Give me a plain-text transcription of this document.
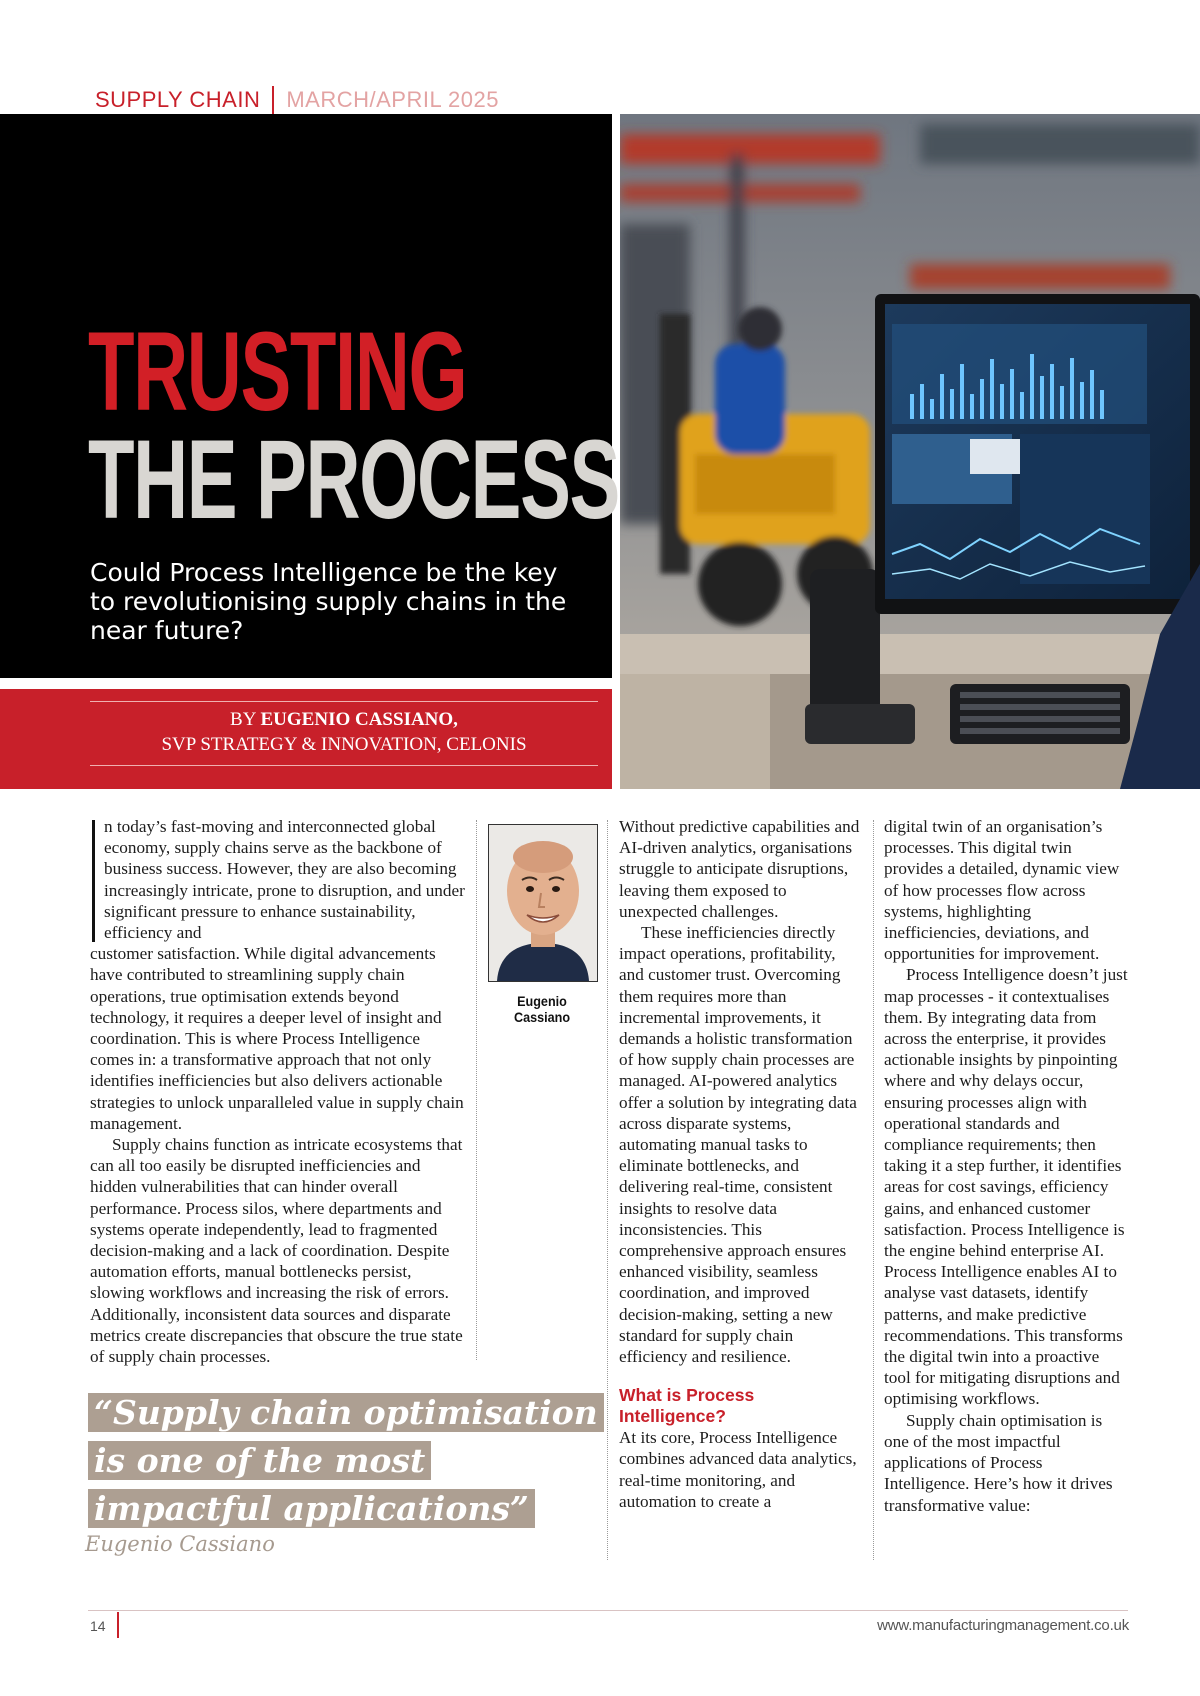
SUPPLY CHAIN MARCH/APRIL 2025
TRUSTING
THE PROCESS

Could Process Intelligence be the key to revolutionising supply chains in the near future?

BY EUGENIO CASSIANO,
SVP STRATEGY & INNOVATION, CELONIS

n today’s fast-moving and interconnected global economy, supply chains serve as the backbone of business success. However, they are also becoming increasingly intricate, prone to disruption, and under significant pressure to enhance sustainability, efficiency and
customer satisfaction. While digital advancements have contributed to streamlining supply chain operations, true optimisation extends beyond technology, it requires a deeper level of insight and coordination. This is where Process Intelligence comes in: a transformative approach that not only identifies inefficiencies but also delivers actionable strategies to unlock unparalleled value in supply chain management.

Supply chains function as intricate ecosystems that can all too easily be disrupted inefficiencies and hidden vulnerabilities that can hinder overall performance. Process silos, where departments and systems operate independently, lead to fragmented decision-making and a lack of coordination. Despite automation efforts, manual bottlenecks persist, slowing workflows and increasing the risk of errors. Additionally, inconsistent data sources and disparate metrics create discrepancies that obscure the true state of supply chain processes.

Eugenio Cassiano

“Supply chain optimisation is one of the most impactful applications”

Eugenio Cassiano

Without predictive capabilities and AI-driven analytics, organisations struggle to anticipate disruptions, leaving them exposed to unexpected challenges.

These inefficiencies directly impact operations, profitability, and customer trust. Overcoming them requires more than incremental improvements, it demands a holistic transformation of how supply chain processes are managed. AI-powered analytics offer a solution by integrating data across disparate systems, automating manual tasks to eliminate bottlenecks, and delivering real-time, consistent insights to resolve data inconsistencies. This comprehensive approach ensures enhanced visibility, seamless coordination, and improved decision-making, setting a new standard for supply chain efficiency and resilience.

What is Process Intelligence?

At its core, Process Intelligence combines advanced data analytics, real-time monitoring, and automation to create a

digital twin of an organisation’s processes. This digital twin provides a detailed, dynamic view of how processes flow across systems, highlighting inefficiencies, deviations, and opportunities for improvement.

Process Intelligence doesn’t just map processes - it contextualises them. By integrating data from across the enterprise, it provides actionable insights by pinpointing where and why delays occur, ensuring processes align with operational standards and compliance requirements; then taking it a step further, it identifies areas for cost savings, efficiency gains, and enhanced customer satisfaction. Process Intelligence is the engine behind enterprise AI. Process Intelligence enables AI to analyse vast datasets, identify patterns, and make predictive recommendations. This transforms the digital twin into a proactive tool for mitigating disruptions and optimising workflows.

Supply chain optimisation is one of the most impactful applications of Process Intelligence. Here’s how it drives transformative value:

14	www.manufacturingmanagement.co.uk
